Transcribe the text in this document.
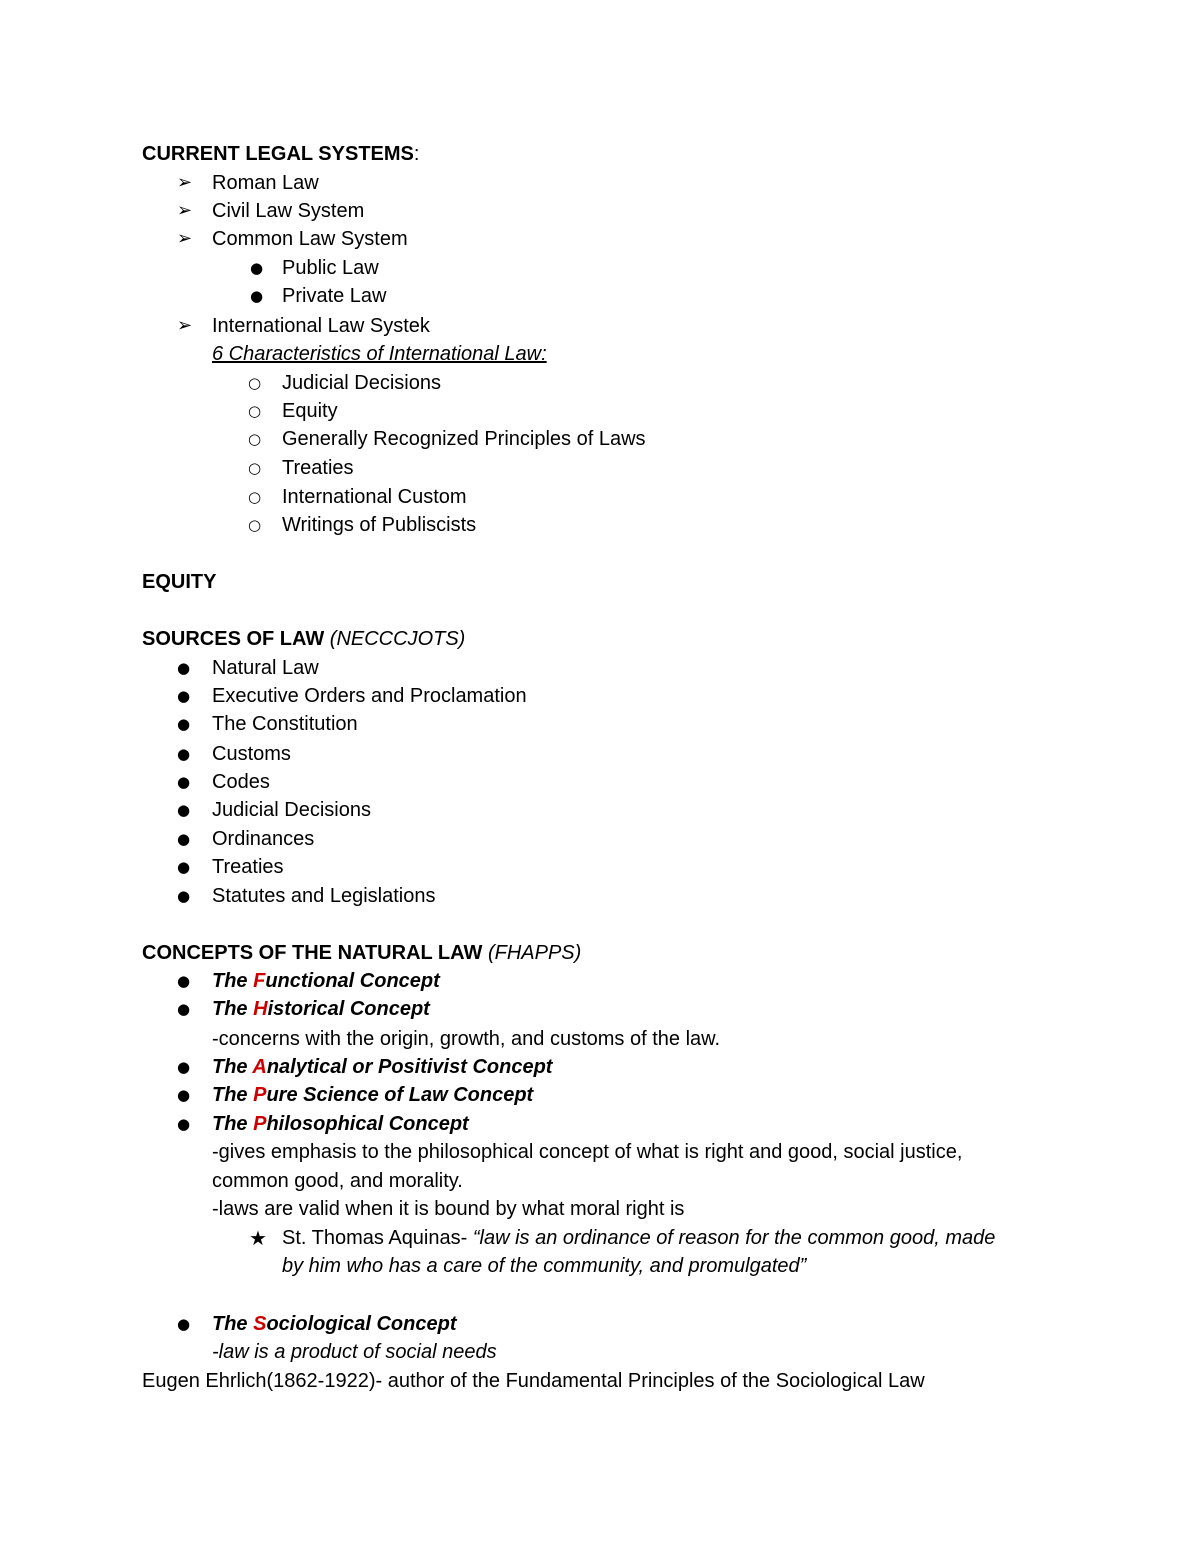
CURRENT LEGAL SYSTEMS:
➢ Roman Law
➢ Civil Law System
➢ Common Law System
● Public Law
● Private Law
➢ International Law Systek
6 Characteristics of International Law:
○ Judicial Decisions
○ Equity
○ Generally Recognized Principles of Laws
○ Treaties
○ International Custom
○ Writings of Publiscists
EQUITY
SOURCES OF LAW (NECCCJOTS)
● Natural Law
● Executive Orders and Proclamation
● The Constitution
● Customs
● Codes
● Judicial Decisions
● Ordinances
● Treaties
● Statutes and Legislations
CONCEPTS OF THE NATURAL LAW (FHAPPS)
● The Functional Concept
● The Historical Concept
-concerns with the origin, growth, and customs of the law.
● The Analytical or Positivist Concept
● The Pure Science of Law Concept
● The Philosophical Concept
-gives emphasis to the philosophical concept of what is right and good, social justice,
common good, and morality.
-laws are valid when it is bound by what moral right is
★ St. Thomas Aquinas- “law is an ordinance of reason for the common good, made
by him who has a care of the community, and promulgated”
● The Sociological Concept
-law is a product of social needs
Eugen Ehrlich(1862-1922)- author of the Fundamental Principles of the Sociological Law
